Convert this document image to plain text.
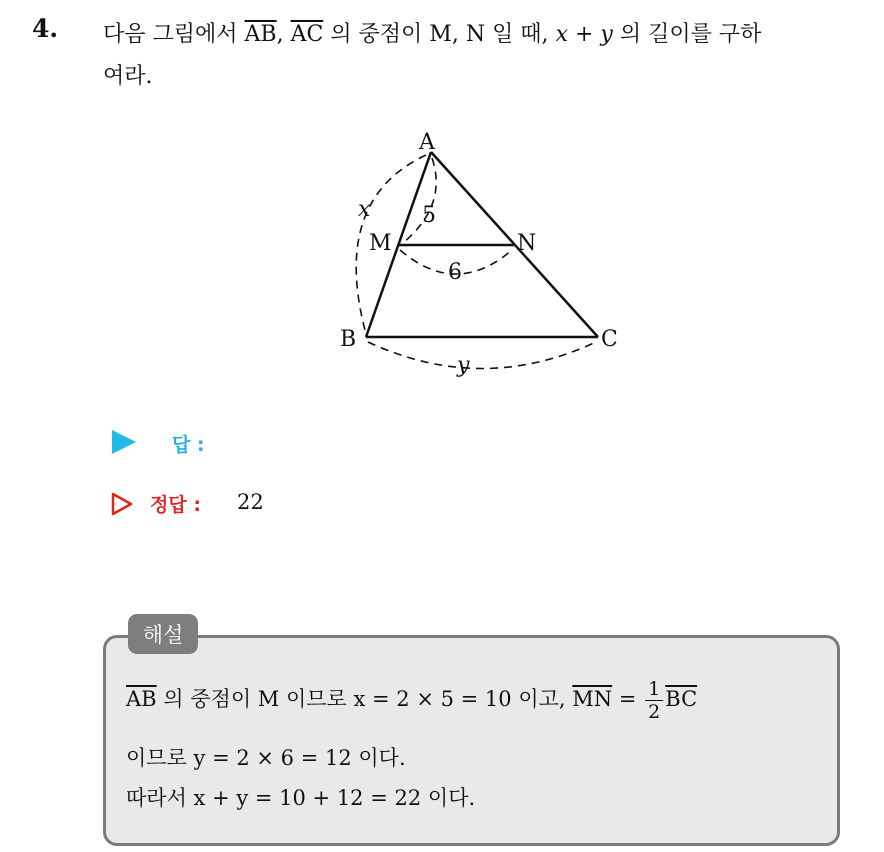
4. 다음 그림에서 $\overline{AB}$, $\overline{AC}$ 의 중점이 M, N 일 때, x + y 의 길이를 구하
여라.
A
M	N
B	C
5
6
y
x
답 :
정답 : 22
해설
$\overline{AB}$ 의 중점이 M 이므로 x = 2 × 5 = 10 이고, $\overline{MN} = \frac{1}{2} \overline{BC}$
이므로 y = 2 × 6 = 12 이다.
따라서 x + y = 10 + 12 = 22 이다.
